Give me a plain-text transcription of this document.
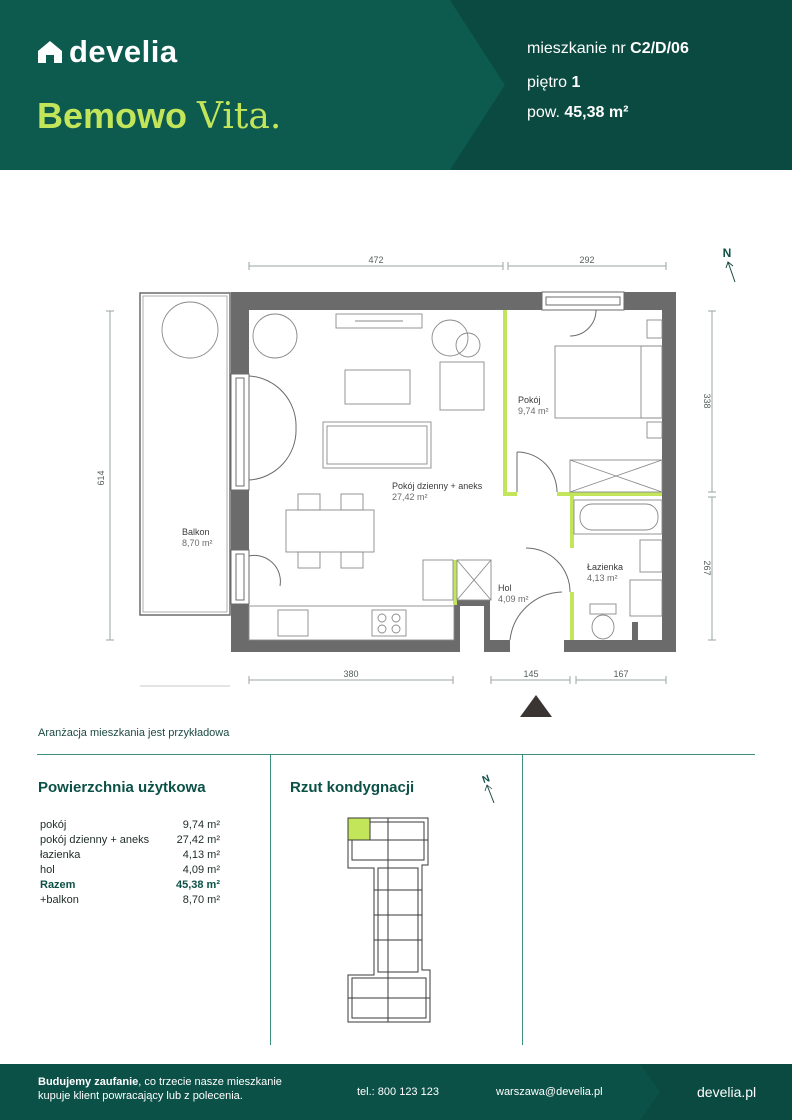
develia
Bemowo Vita.
mieszkanie nr C2/D/06
piętro 1
pow. 45,38 m²
N
472	292
614
338
267
380	145	167
Balkon
8,70 m²
Pokój dzienny + aneks
27,42 m²
Pokój
9,74 m²
Łazienka
4,13 m²
Hol
4,09 m²
Aranżacja mieszkania jest przykładowa
Powierzchnia użytkowa
pokój	9,74 m²
pokój dzienny + aneks 27,42 m²
łazienka	4,13 m²
hol	4,09 m²
Razem	45,38 m²
+balkon	8,70 m²
Rzut kondygnacji	N
Budujemy zaufanie, co trzecie nasze mieszkanie
kupuje klient powracający lub z polecenia.	tel.: 800 123 123	warszawa@develia.pl	develia.pl
